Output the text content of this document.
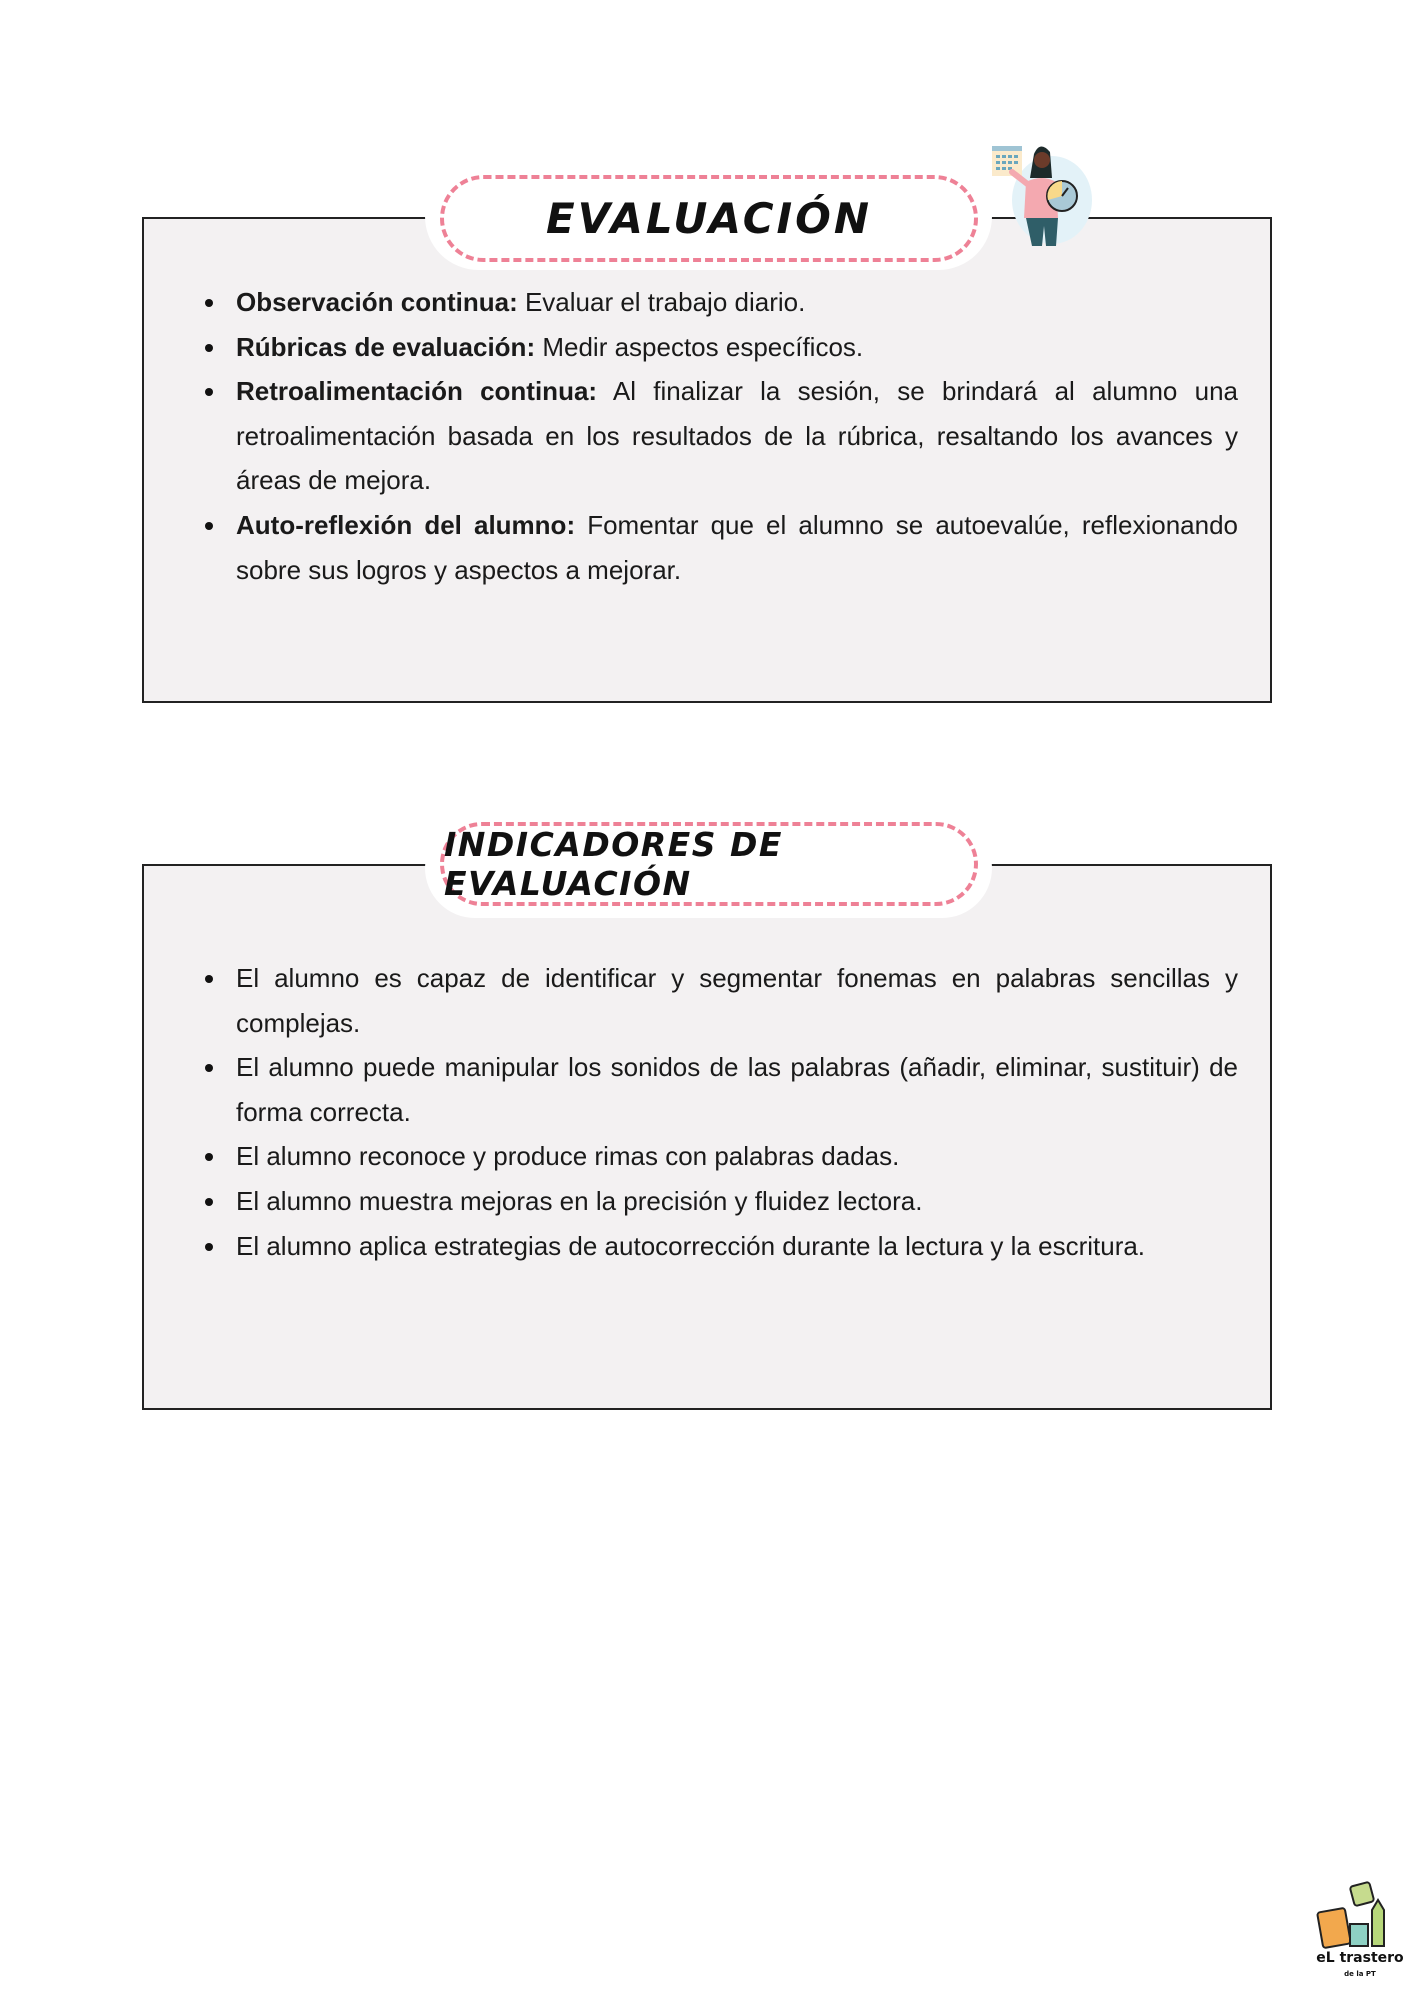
EVALUACIÓN
Observación continua: Evaluar el trabajo diario.
Rúbricas de evaluación: Medir aspectos específicos.
Retroalimentación continua: Al finalizar la sesión, se brindará al alumno una retroalimentación basada en los resultados de la rúbrica, resaltando los avances y áreas de mejora.
Auto-reflexión del alumno: Fomentar que el alumno se autoevalúe, reflexionando sobre sus logros y aspectos a mejorar.
INDICADORES DE EVALUACIÓN
El alumno es capaz de identificar y segmentar fonemas en palabras sencillas y complejas.
El alumno puede manipular los sonidos de las palabras (añadir, eliminar, sustituir) de forma correcta.
El alumno reconoce y produce rimas con palabras dadas.
El alumno muestra mejoras en la precisión y fluidez lectora.
El alumno aplica estrategias de autocorrección durante la lectura y la escritura.
eL trastero
de la PT
